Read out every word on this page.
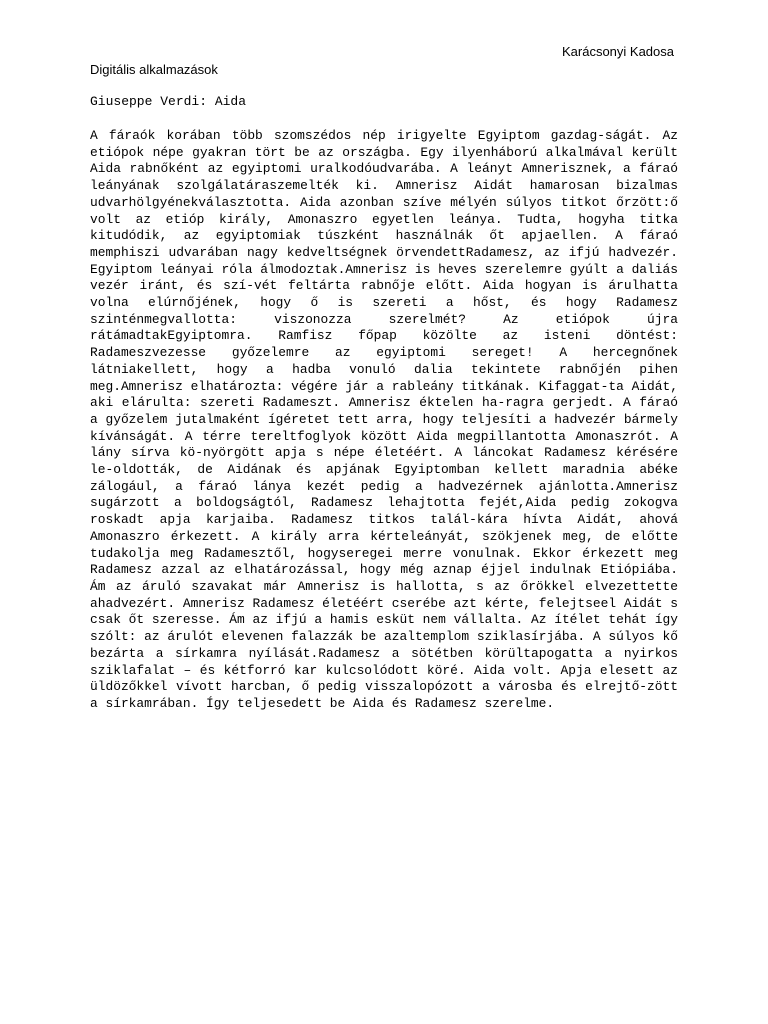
Karácsonyi Kadosa
Digitális alkalmazások
Giuseppe Verdi: Aida

A fáraók korában több szomszédos nép irigyelte Egyiptom gazdag-ságát. Az etiópok népe gyakran tört be az országba. Egy ilyenháború alkalmával került Aida rabnőként az egyiptomi uralkodóudvarába. A leányt Amnerisznek, a fáraó leányának szolgálatáraszemelték ki. Amnerisz Aidát hamarosan bizalmas udvarhölgyénekválasztotta. Aida azonban szíve mélyén súlyos titkot őrzött:ő volt az etióp király, Amonaszro egyetlen leánya. Tudta, hogyha titka kitudódik, az egyiptomiak túszként használnák őt apjaellen. A fáraó memphiszi udvarában nagy kedveltségnek örvendettRadamesz, az ifjú hadvezér. Egyiptom leányai róla álmodoztak.Amnerisz is heves szerelemre gyúlt a daliás vezér iránt, és szí-vét feltárta rabnője előtt. Aida hogyan is árulhatta volna elúrnőjének, hogy ő is szereti a hőst, és hogy Radamesz szinténmegvallotta: viszonozza szerelmét? Az etiópok újra rátámadtakEgyiptomra. Ramfisz főpap közölte az isteni döntést: Radameszvezesse győzelemre az egyiptomi sereget! A hercegnőnek látniakellett, hogy a hadba vonuló dalia tekintete rabnőjén pihen meg.Amnerisz elhatározta: végére jár a rableány titkának. Kifaggat-ta Aidát, aki elárulta: szereti Radameszt. Amnerisz éktelen ha-ragra gerjedt. A fáraó a győzelem jutalmaként ígéretet tett arra, hogy teljesíti a hadvezér bármely kívánságát. A térre tereltfoglyok között Aida megpillantotta Amonaszrót. A lány sírva kö-nyörgött apja s népe életéért. A láncokat Radamesz kérésére le-oldották, de Aidának és apjának Egyiptomban kellett maradnia abéke zálogául, a fáraó lánya kezét pedig a hadvezérnek ajánlotta.Amnerisz sugárzott a boldogságtól, Radamesz lehajtotta fejét,Aida pedig zokogva roskadt apja karjaiba. Radamesz titkos talál-kára hívta Aidát, ahová Amonaszro érkezett. A király arra kérteleányát, szökjenek meg, de előtte tudakolja meg Radamesztől, hogyseregei merre vonulnak. Ekkor érkezett meg Radamesz azzal az elhatározással, hogy még aznap éjjel indulnak Etiópiába. Ám az áruló szavakat már Amnerisz is hallotta, s az őrökkel elvezettette ahadvezért. Amnerisz Radamesz életéért cserébe azt kérte, felejtseel Aidát s csak őt szeresse. Ám az ifjú a hamis esküt nem vállalta. Az ítélet tehát így szólt: az árulót elevenen falazzák be azaltemplom sziklasírjába. A súlyos kő bezárta a sírkamra nyílását.Radamesz a sötétben körültapogatta a nyirkos sziklafalat – és kétforró kar kulcsolódott köré. Aida volt. Apja elesett az üldözőkkel vívott harcban, ő pedig visszalopózott a városba és elrejtő-zött a sírkamrában. Így teljesedett be Aida és Radamesz szerelme.
